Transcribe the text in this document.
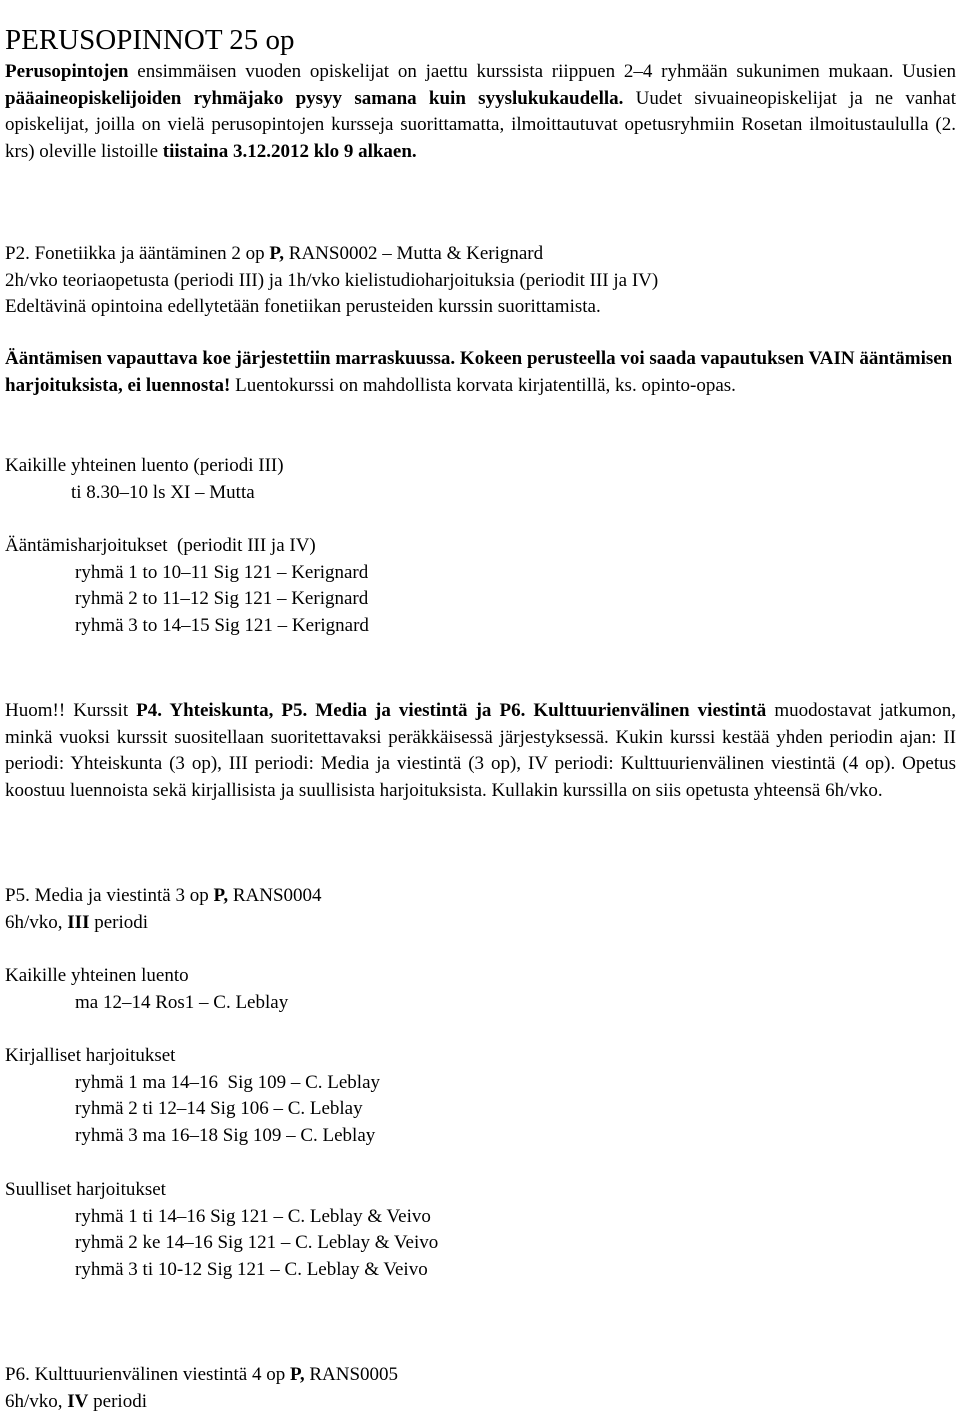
PERUSOPINNOT 25 op

Perusopintojen ensimmäisen vuoden opiskelijat on jaettu kurssista riippuen 2–4 ryhmään sukunimen mukaan. Uusien pääaineopiskelijoiden ryhmäjako pysyy samana kuin syyslukukaudella. Uudet sivuaineopiskelijat ja ne vanhat opiskelijat, joilla on vielä perusopintojen kursseja suorittamatta, ilmoittautuvat opetusryhmiin Rosetan ilmoitustaululla (2. krs) oleville listoille tiistaina 3.12.2012 klo 9 alkaen.

P2. Fonetiikka ja ääntäminen 2 op P, RANS0002 – Mutta & Kerignard
2h/vko teoriaopetusta (periodi III) ja 1h/vko kielistudioharjoituksia (periodit III ja IV)
Edeltävinä opintoina edellytetään fonetiikan perusteiden kurssin suorittamista.

Ääntämisen vapauttava koe järjestettiin marraskuussa. Kokeen perusteella voi saada vapautuksen VAIN ääntämisen harjoituksista, ei luennosta! Luentokurssi on mahdollista korvata kirjatentillä, ks. opinto-opas.

Kaikille yhteinen luento (periodi III)
ti 8.30–10 ls XI – Mutta

Ääntämisharjoitukset  (periodit III ja IV)
ryhmä 1 to 10–11 Sig 121 – Kerignard
ryhmä 2 to 11–12 Sig 121 – Kerignard
ryhmä 3 to 14–15 Sig 121 – Kerignard

Huom!! Kurssit P4. Yhteiskunta, P5. Media ja viestintä ja P6. Kulttuurienvälinen viestintä muodostavat jatkumon, minkä vuoksi kurssit suositellaan suoritettavaksi peräkkäisessä järjestyksessä. Kukin kurssi kestää yhden periodin ajan: II periodi: Yhteiskunta (3 op), III periodi: Media ja viestintä (3 op), IV periodi: Kulttuurienvälinen viestintä (4 op). Opetus koostuu luennoista sekä kirjallisista ja suullisista harjoituksista. Kullakin kurssilla on siis opetusta yhteensä 6h/vko.

P5. Media ja viestintä 3 op P, RANS0004
6h/vko, III periodi

Kaikille yhteinen luento
ma 12–14 Ros1 – C. Leblay

Kirjalliset harjoitukset
ryhmä 1 ma 14–16  Sig 109 – C. Leblay
ryhmä 2 ti 12–14 Sig 106 – C. Leblay
ryhmä 3 ma 16–18 Sig 109 – C. Leblay

Suulliset harjoitukset
ryhmä 1 ti 14–16 Sig 121 – C. Leblay & Veivo
ryhmä 2 ke 14–16 Sig 121 – C. Leblay & Veivo
ryhmä 3 ti 10-12 Sig 121 – C. Leblay & Veivo

P6. Kulttuurienvälinen viestintä 4 op P, RANS0005
6h/vko, IV periodi
